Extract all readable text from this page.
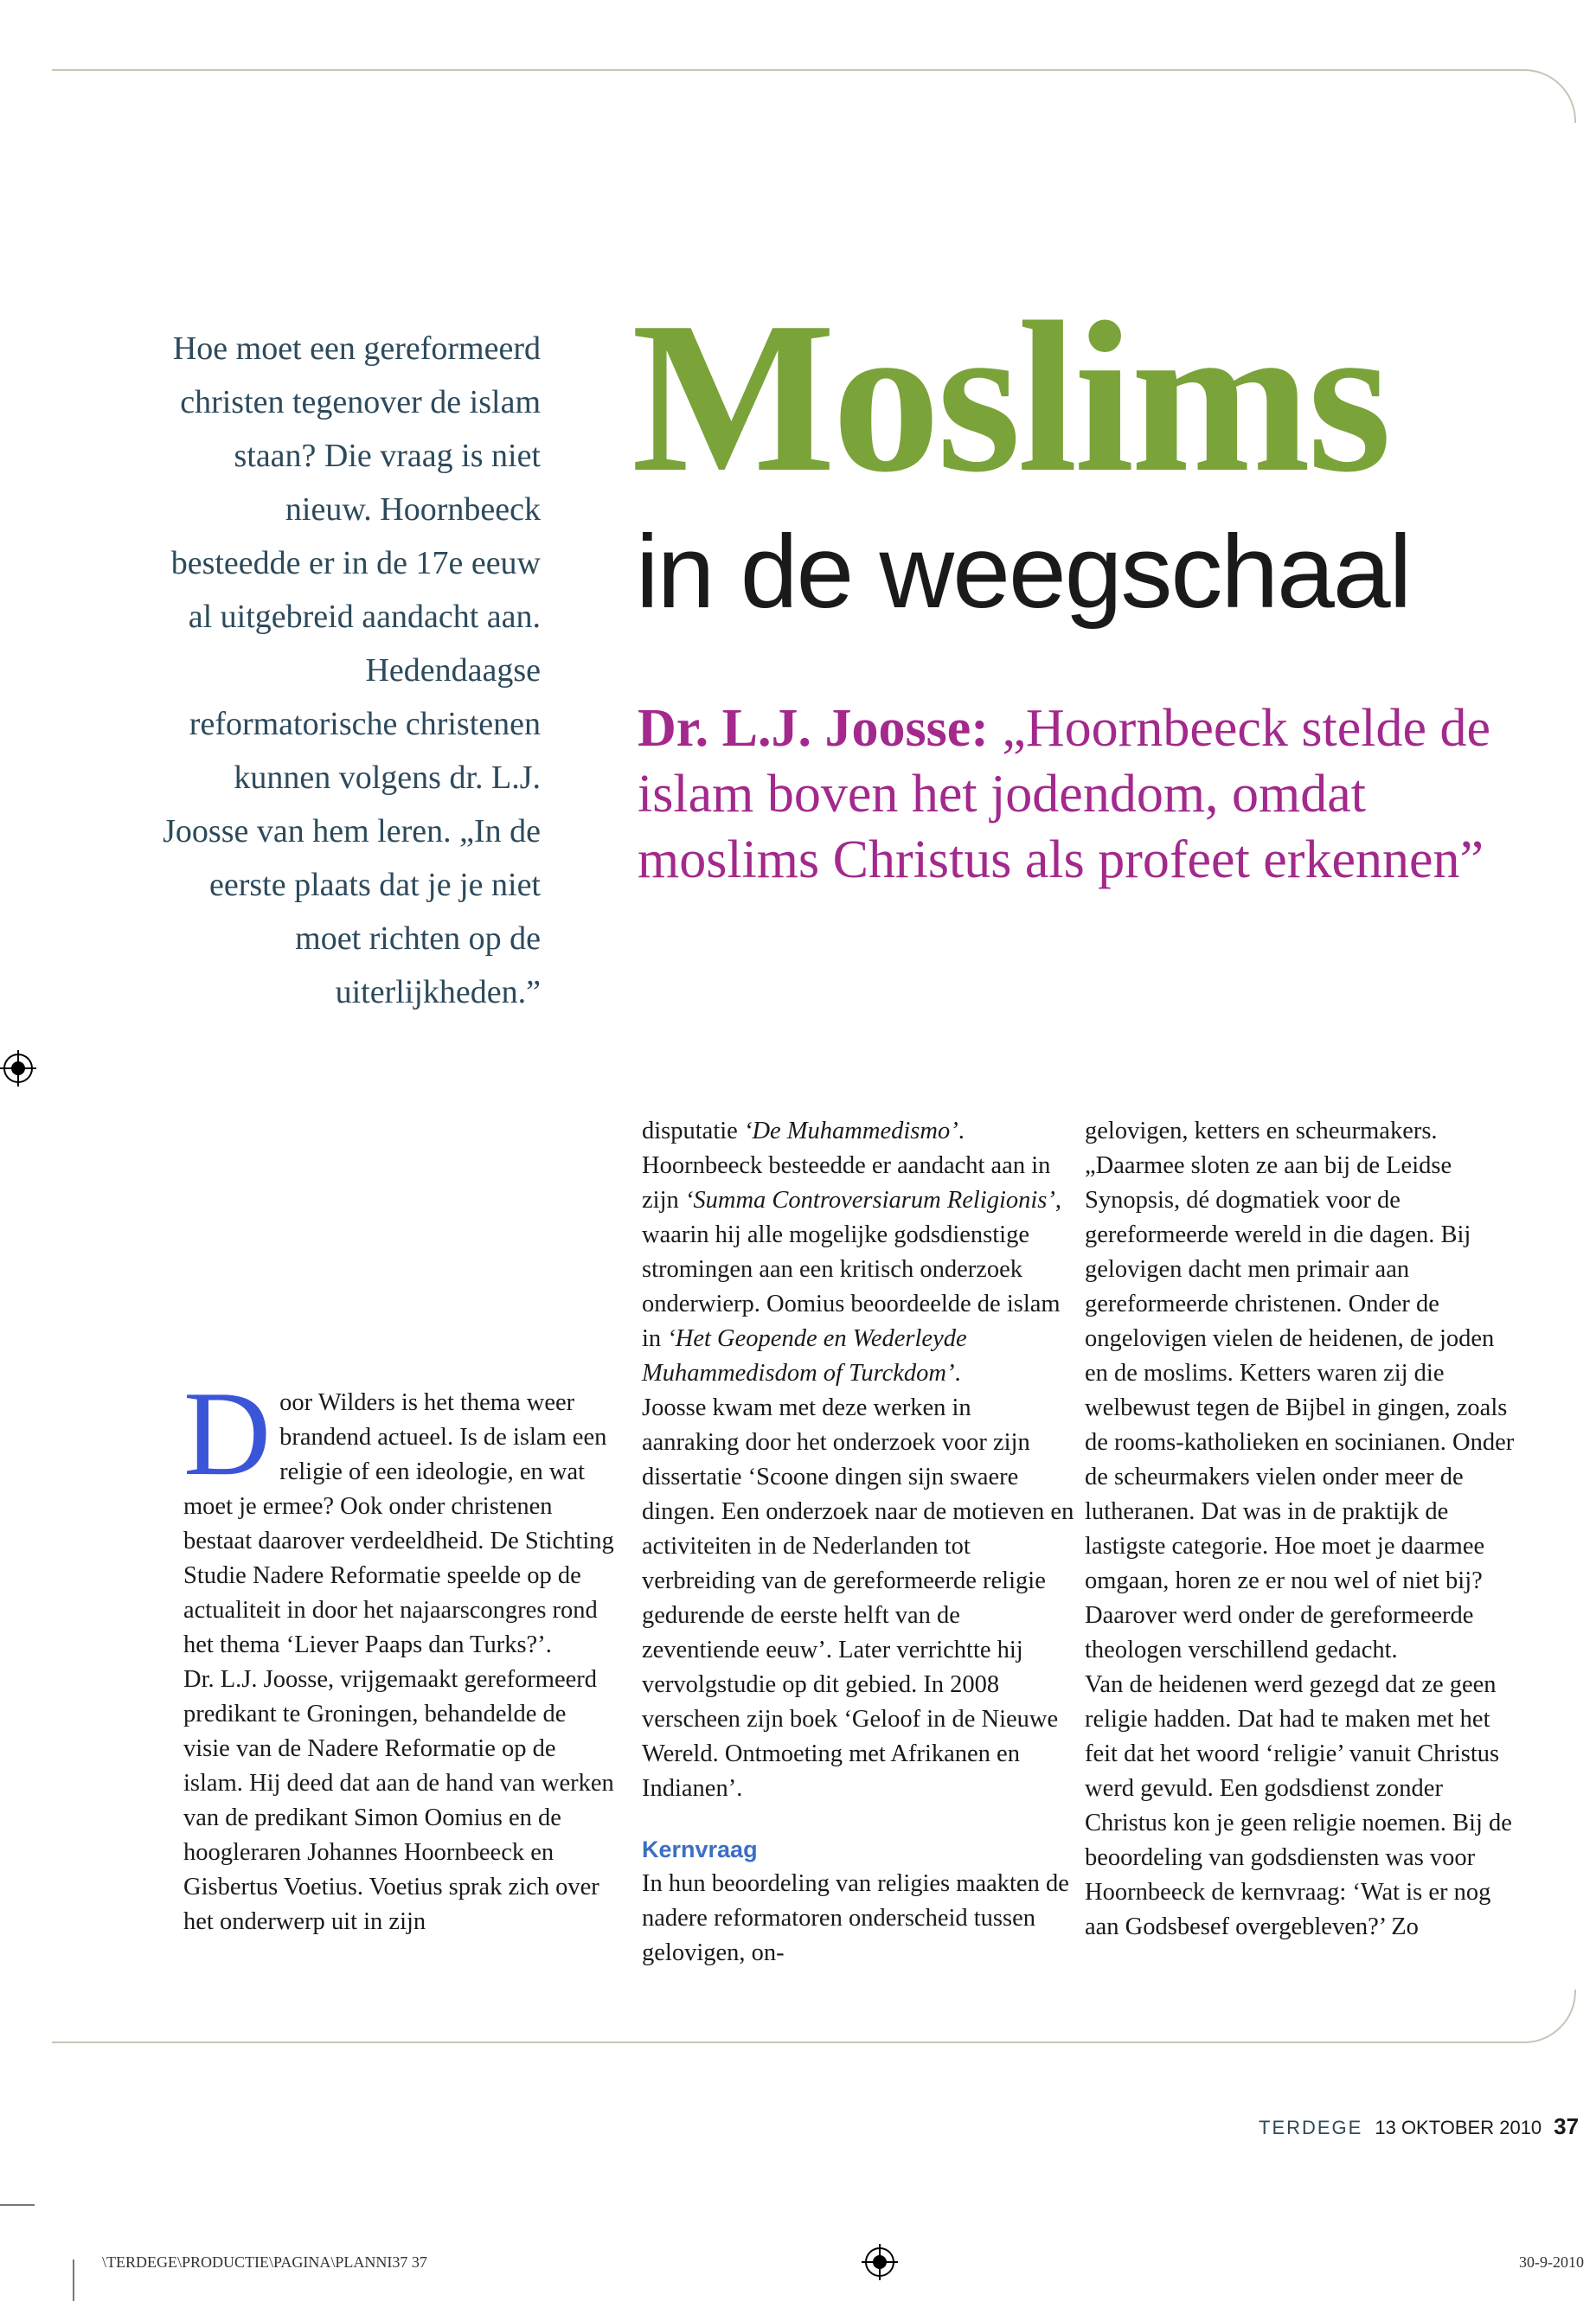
Hoe moet een gereformeerd christen tegenover de islam staan? Die vraag is niet nieuw. Hoornbeeck besteedde er in de 17e eeuw al uitgebreid aandacht aan. Hedendaagse reformatorische christenen kunnen volgens dr. L.J. Joosse van hem leren. „In de eerste plaats dat je je niet moet richten op de uiterlijkheden.”
Moslims
in de weegschaal

Dr. L.J. Joosse: „Hoornbeeck stelde de islam boven het jodendom, omdat moslims Christus als profeet erkennen”

Door Wilders is het thema weer brandend actueel. Is de islam een religie of een ideologie, en wat moet je ermee? Ook onder christenen bestaat daarover verdeeldheid. De Stichting Studie Nadere Reformatie speelde op de actualiteit in door het najaarscongres rond het thema ‘Liever Paaps dan Turks?’.

Dr. L.J. Joosse, vrijgemaakt gereformeerd predikant te Groningen, behandelde de visie van de Nadere Reformatie op de islam. Hij deed dat aan de hand van werken van de predikant Simon Oomius en de hoogleraren Johannes Hoornbeeck en Gisbertus Voetius. Voetius sprak zich over het onderwerp uit in zijn

disputatie ‘De Muhammedismo’. Hoornbeeck besteedde er aandacht aan in zijn ‘Summa Controversiarum Religionis’, waarin hij alle mogelijke godsdienstige stromingen aan een kritisch onderzoek onderwierp. Oomius beoordeelde de islam in ‘Het Geopende en Wederleyde Muhammedisdom of Turckdom’.

Joosse kwam met deze werken in aanraking door het onderzoek voor zijn dissertatie ‘Scoone dingen sijn swaere dingen. Een onderzoek naar de motieven en activiteiten in de Nederlanden tot verbreiding van de gereformeerde religie gedurende de eerste helft van de zeventiende eeuw’. Later verrichtte hij vervolgstudie op dit gebied. In 2008 verscheen zijn boek ‘Geloof in de Nieuwe Wereld. Ontmoeting met Afrikanen en Indianen’.

Kernvraag

In hun beoordeling van religies maakten de nadere reformatoren onderscheid tussen gelovigen, on-

gelovigen, ketters en scheurmakers. „Daarmee sloten ze aan bij de Leidse Synopsis, dé dogmatiek voor de gereformeerde wereld in die dagen. Bij gelovigen dacht men primair aan gereformeerde christenen. Onder de ongelovigen vielen de heidenen, de joden en de moslims. Ketters waren zij die welbewust tegen de Bijbel in gingen, zoals de rooms-katholieken en socinianen. Onder de scheurmakers vielen onder meer de lutheranen. Dat was in de praktijk de lastigste categorie. Hoe moet je daarmee omgaan, horen ze er nou wel of niet bij? Daarover werd onder de gereformeerde theologen verschillend gedacht.

Van de heidenen werd gezegd dat ze geen religie hadden. Dat had te maken met het feit dat het woord ‘religie’ vanuit Christus werd gevuld. Een godsdienst zonder Christus kon je geen religie noemen. Bij de beoordeling van godsdiensten was voor Hoornbeeck de kernvraag: ‘Wat is er nog aan Godsbesef overgebleven?’ Zo

TERDEGE 13 OKTOBER 2010 37
\TERDEGE\PRODUCTIE\PAGINA\PLANNI37 37	30-9-2010
